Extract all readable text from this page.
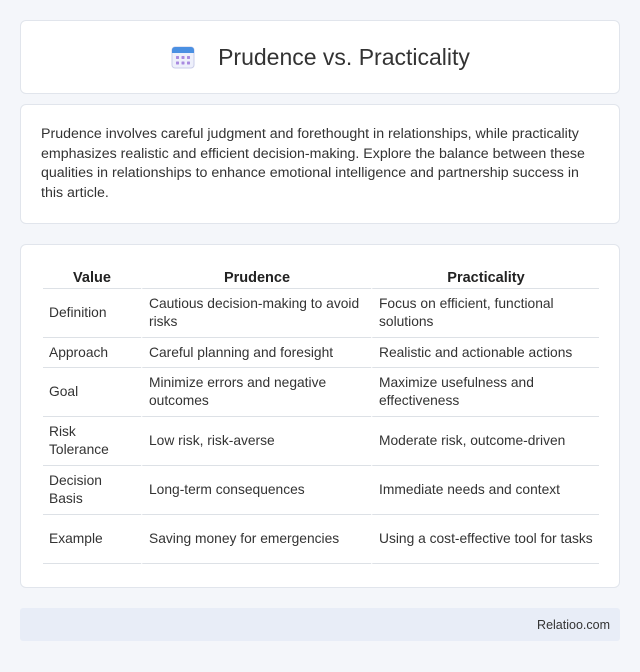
Prudence vs. Practicality

Prudence involves careful judgment and forethought in relationships, while practicality emphasizes realistic and efficient decision-making. Explore the balance between these qualities in relationships to enhance emotional intelligence and partnership success in this article.

Value	Prudence	Practicality
Definition	Cautious decision-making to avoid risks	Focus on efficient, functional solutions
Approach	Careful planning and foresight	Realistic and actionable actions
Goal	Minimize errors and negative outcomes	Maximize usefulness and effectiveness
Risk Tolerance	Low risk, risk-averse	Moderate risk, outcome-driven
Decision Basis	Long-term consequences	Immediate needs and context
Example	Saving money for emergencies	Using a cost-effective tool for tasks
Relatioo.com
